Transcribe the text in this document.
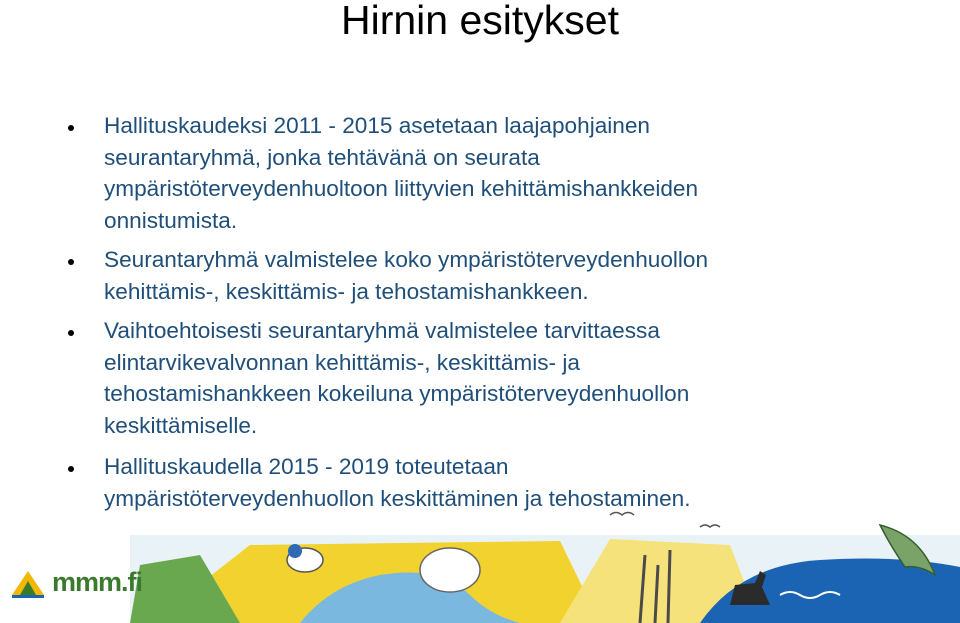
Hirnin esitykset
Hallituskaudeksi 2011 - 2015 asetetaan laajapohjainen
seurantaryhmä, jonka tehtävänä on seurata
ympäristöterveydenhuoltoon liittyvien kehittämishankkeiden
onnistumista.
Seurantaryhmä valmistelee koko ympäristöterveydenhuollon
kehittämis-, keskittämis- ja tehostamishankkeen.
Vaihtoehtoisesti seurantaryhmä valmistelee tarvittaessa
elintarvikevalvonnan kehittämis-, keskittämis- ja
tehostamishankkeen kokeiluna ympäristöterveydenhuollon
keskittämiselle.
Hallituskaudella 2015 - 2019 toteutetaan
ympäristöterveydenhuollon keskittäminen ja tehostaminen.
mmm.fi
